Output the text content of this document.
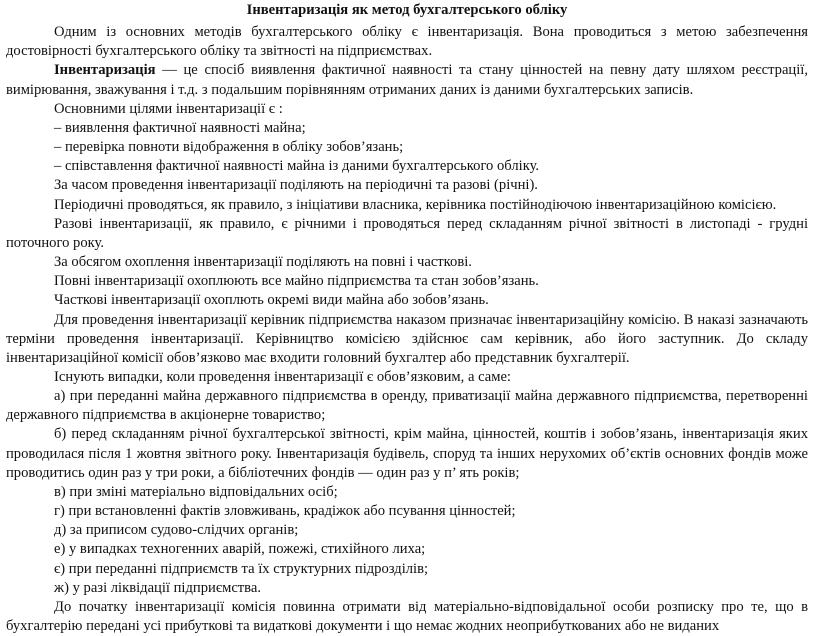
Інвентаризація як метод бухгалтерського обліку

Одним із основних методів бухгалтерського обліку є інвентаризація. Вона проводиться з метою забезпечення достовірності бухгалтерського обліку та звітності на підприємствах.

Інвентаризація — це спосіб виявлення фактичної наявності та стану цінностей на певну дату шляхом реєстрації, вимірювання, зважування і т.д. з подальшим порівнянням отриманих даних із даними бухгалтерських записів.

Основними цілями інвентаризації є :

– виявлення фактичної наявності майна;

– перевірка повноти відображення в обліку зобов’язань;

– співставлення фактичної наявності майна із даними бухгалтерського обліку.

За часом проведення інвентаризації поділяють на періодичні та разові (річні).

Періодичні проводяться, як правило, з ініціативи власника, керівника постійнодіючою інвентаризаційною комісією.

Разові інвентаризації, як правило, є річними і проводяться перед складанням річної звітності в листопаді - грудні поточного року.

За обсягом охоплення інвентаризації поділяють на повні і часткові.

Повні інвентаризації охоплюють все майно підприємства та стан зобов’язань.

Часткові інвентаризації охоплють окремі види майна або зобов’язань.

Для проведення інвентаризації керівник підприємства наказом призначає інвентаризаційну комісію. В наказі зазначають терміни проведення інвентаризації. Керівництво комісією здійснює сам керівник, або його заступник. До складу інвентаризаційної комісії обов’язково має входити головний бухгалтер або представник бухгалтерії.

Існують випадки, коли проведення інвентаризації є обов’язковим, а саме:

а) при переданні майна державного підприємства в оренду, приватизації майна державного підприємства, перетворенні державного підприємства в акціонерне товариство;

б) перед складанням річної бухгалтерської звітності, крім майна, цінностей, коштів і зобов’язань, інвентаризація яких проводилася після 1 жовтня звітного року. Інвентаризація будівель, споруд та інших нерухомих об’єктів основних фондів може проводитись один раз у три роки, а бібліотечних фондів — один раз у п’ ять років;

в) при зміні матеріально відповідальних осіб;

г) при встановленні фактів зловживань, крадіжок або псування цінностей;

д) за приписом судово-слідчих органів;

е) у випадках техногенних аварій, пожежі, стихійного лиха;

є) при переданні підприємств та їх структурних підрозділів;

ж) у разі ліквідації підприємства.

До початку інвентаризації комісія повинна отримати від матеріально-відповідальної особи розписку про те, що в бухгалтерію передані усі прибуткові та видаткові документи і що немає жодних неоприбуткованих або не виданих
